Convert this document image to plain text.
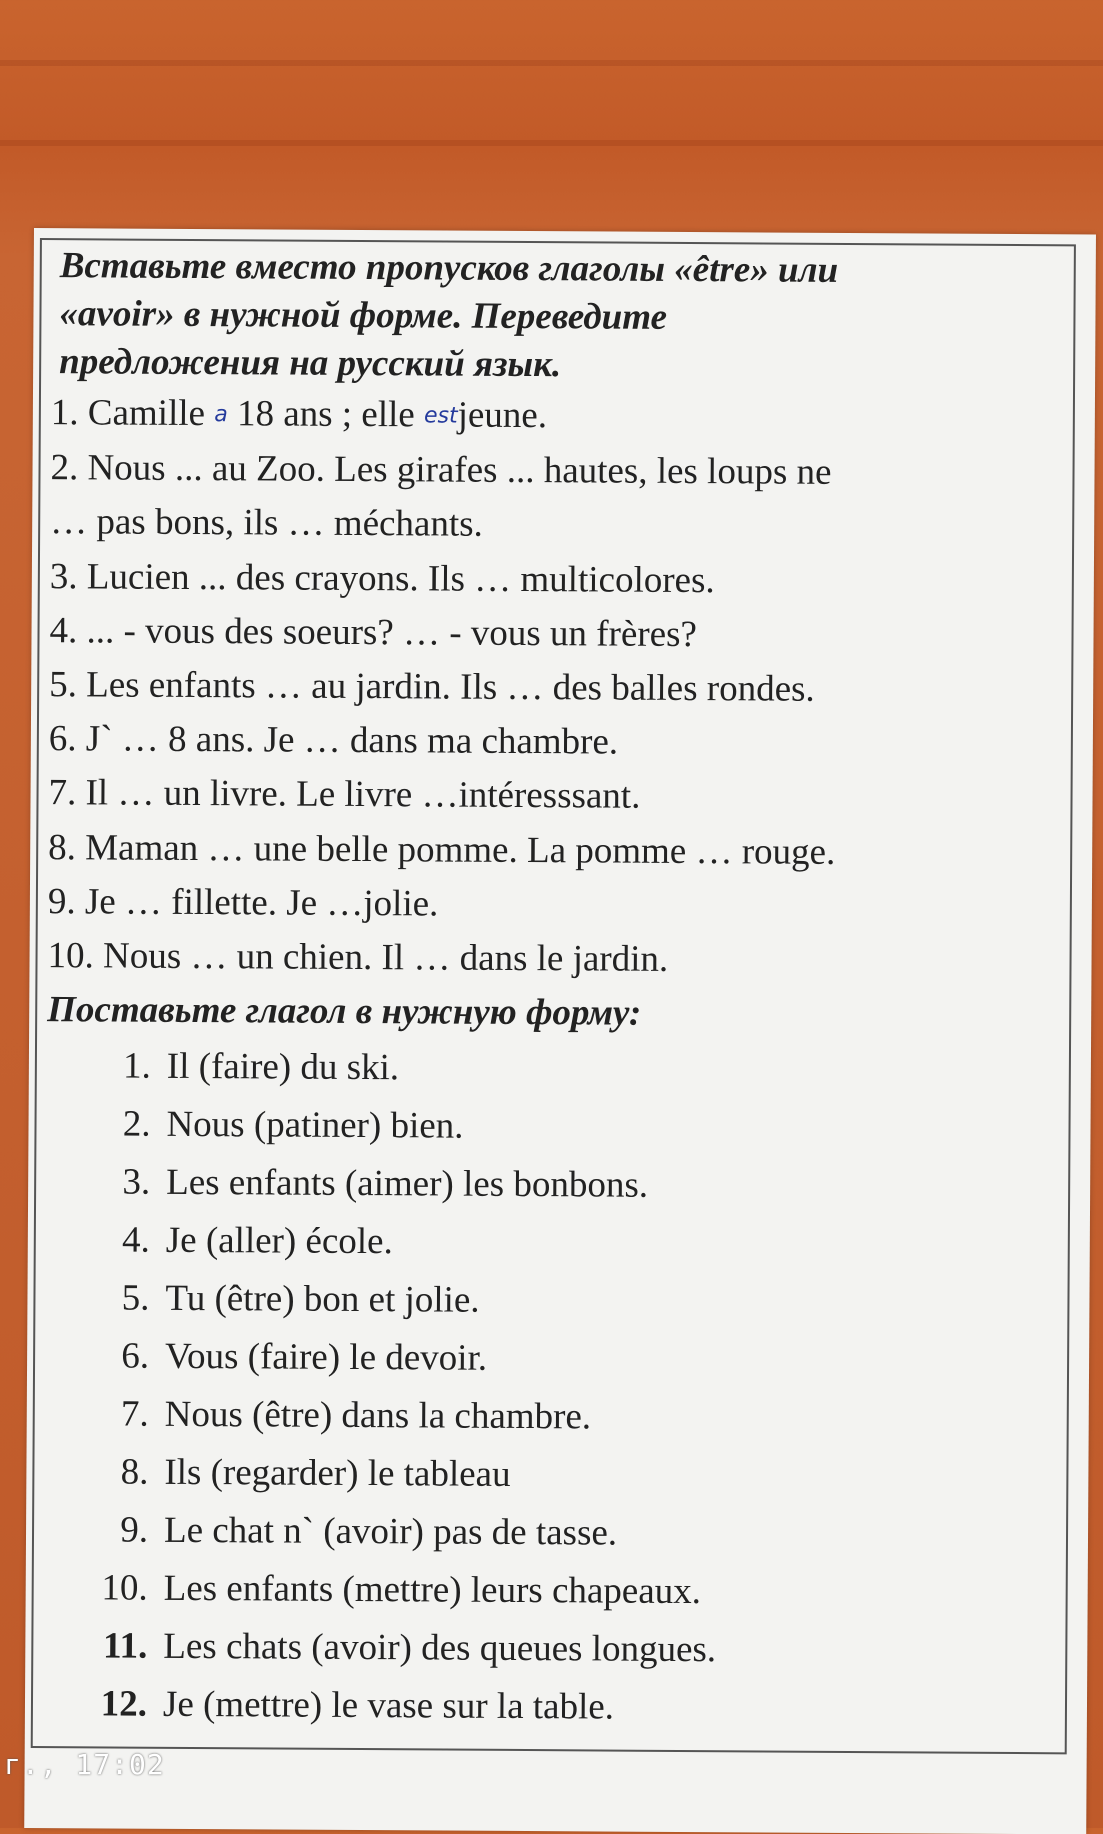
Вставьте вместо пропусков глаголы «être» или
«avoir» в нужной форме. Переведите
предложения на русский язык.

1. Camille a 18 ans ; elle estjeune.

2. Nous ... au Zoo. Les girafes ... hautes, les loups ne

… pas bons, ils … méchants.

3. Lucien ... des crayons. Ils … multicolores.

4. ... - vous des soeurs? … - vous un frères?

5. Les enfants … au jardin. Ils … des balles rondes.

6. J` … 8 ans. Je … dans ma chambre.

7. Il … un livre. Le livre …intéresssant.

8. Maman … une belle pomme. La pomme … rouge.

9. Je … fillette. Je …jolie.

10. Nous … un chien. Il … dans le jardin.

Поставьте глагол в нужную форму:

1. Il (faire) du ski.
2. Nous (patiner) bien.
3. Les enfants (aimer) les bonbons.
4. Je (aller) école.
5. Tu (être) bon et jolie.
6. Vous (faire) le devoir.
7. Nous (être) dans la chambre.
8. Ils (regarder) le tableau
9. Le chat n` (avoir) pas de tasse.
10. Les enfants (mettre) leurs chapeaux.
11. Les chats (avoir) des queues longues.
12. Je (mettre) le vase sur la table.
г., 17:02
